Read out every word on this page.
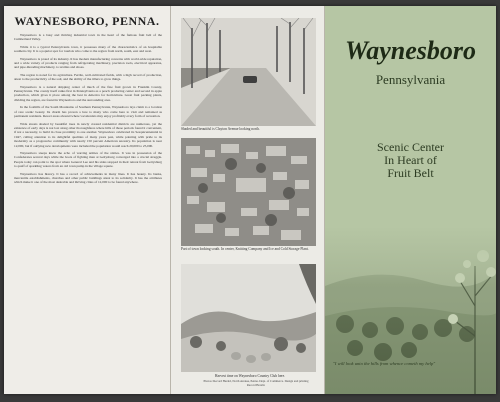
WAYNESBORO, PENNA.

Waynesboro is a busy and thriving industrial town in the heart of the famous fruit belt of the Cumberland Valley.

While it is a typical Pennsylvania town, it possesses many of the characteristics of an hospitable southern city. It is a popular spot for tourists who come to the region from north, south, east and west.

Waynesboro is proud of its industry. It has modern manufacturing concerns with world-wide reputation, and a wide variety of products ranging from refrigerating machinery, precision tools, electrical apparatus, and pipe-threading machinery, to textiles and shoes.

The region is noted for its agriculture. Fertile, well-cultivated fields, with a high record of production, attest to the productivity of the soil, and the ability of the tillers to grow things.

Waynesboro is a natural shipping center of much of the fine fruit grown in Franklin County, Pennsylvania. The county itself ranks first in Pennsylvania as a peach producing center and second in apple production, which gives it place among the best in America for horticulture. Great fruit packing plants, dividing the region, are found in Waynesboro and the surrounding area.

In the foothills of the South Mountains of Southern Pennsylvania, Waynesboro lays claim to a location of rare scenic beauty. Its charm has proven a lure to many who come here to visit and remained as permanent residents. Resort areas abound where vacationists may enjoy profitably every form of recreation.

Wide streets shaded by beautiful trees in newly created residential districts are numerous, yet the existence of early days is not lost along other thoroughfares where hills of those periods found it convenient, if not a necessity, to build in close proximity to one another. Waynesboro celebrated its Sesquicentennial in 1947, calling attention to its delightful qualities of many years past, while pointing with pride to its modernity as a progressive community with nearly 150 percent American ancestry. Its population is near 12,000, but if outlying new developments were included the population would reach 20,000 to 25,000.

Waynesboro steeps knew the echo of warring armies of the sixties. It was in possession of the Confederates several days while the boots of fighting men at Gettysburg converged into a crucial struggle. People today can point to the spot where General Lee and his sides stopped in their retreat from Gettysburg to quaff of sparkling waters from an old town pump in the village square.

Waynesboro has history. It has a record of achievements in many lines. It has beauty. Its banks, mercantile establishments, churches and other public buildings attest to its solidarity. It has the attributes which make it one of the most desirable and thriving cities of 12,000 to be found anywhere.

Shaded and beautiful is Clayton Avenue looking north.
Part of town looking south. In center, Knitting Company and Ice and Cold Storage Plant.
Harvest time on Waynesboro Country Club here.
Photos: Record Herald, North Avenue, Penna. Dept. of Commerce. Design and printing Record Herald.
Waynesboro
Pennsylvania
Scenic Center
In Heart of
Fruit Belt
"I will look unto the hills from whence cometh my help"
